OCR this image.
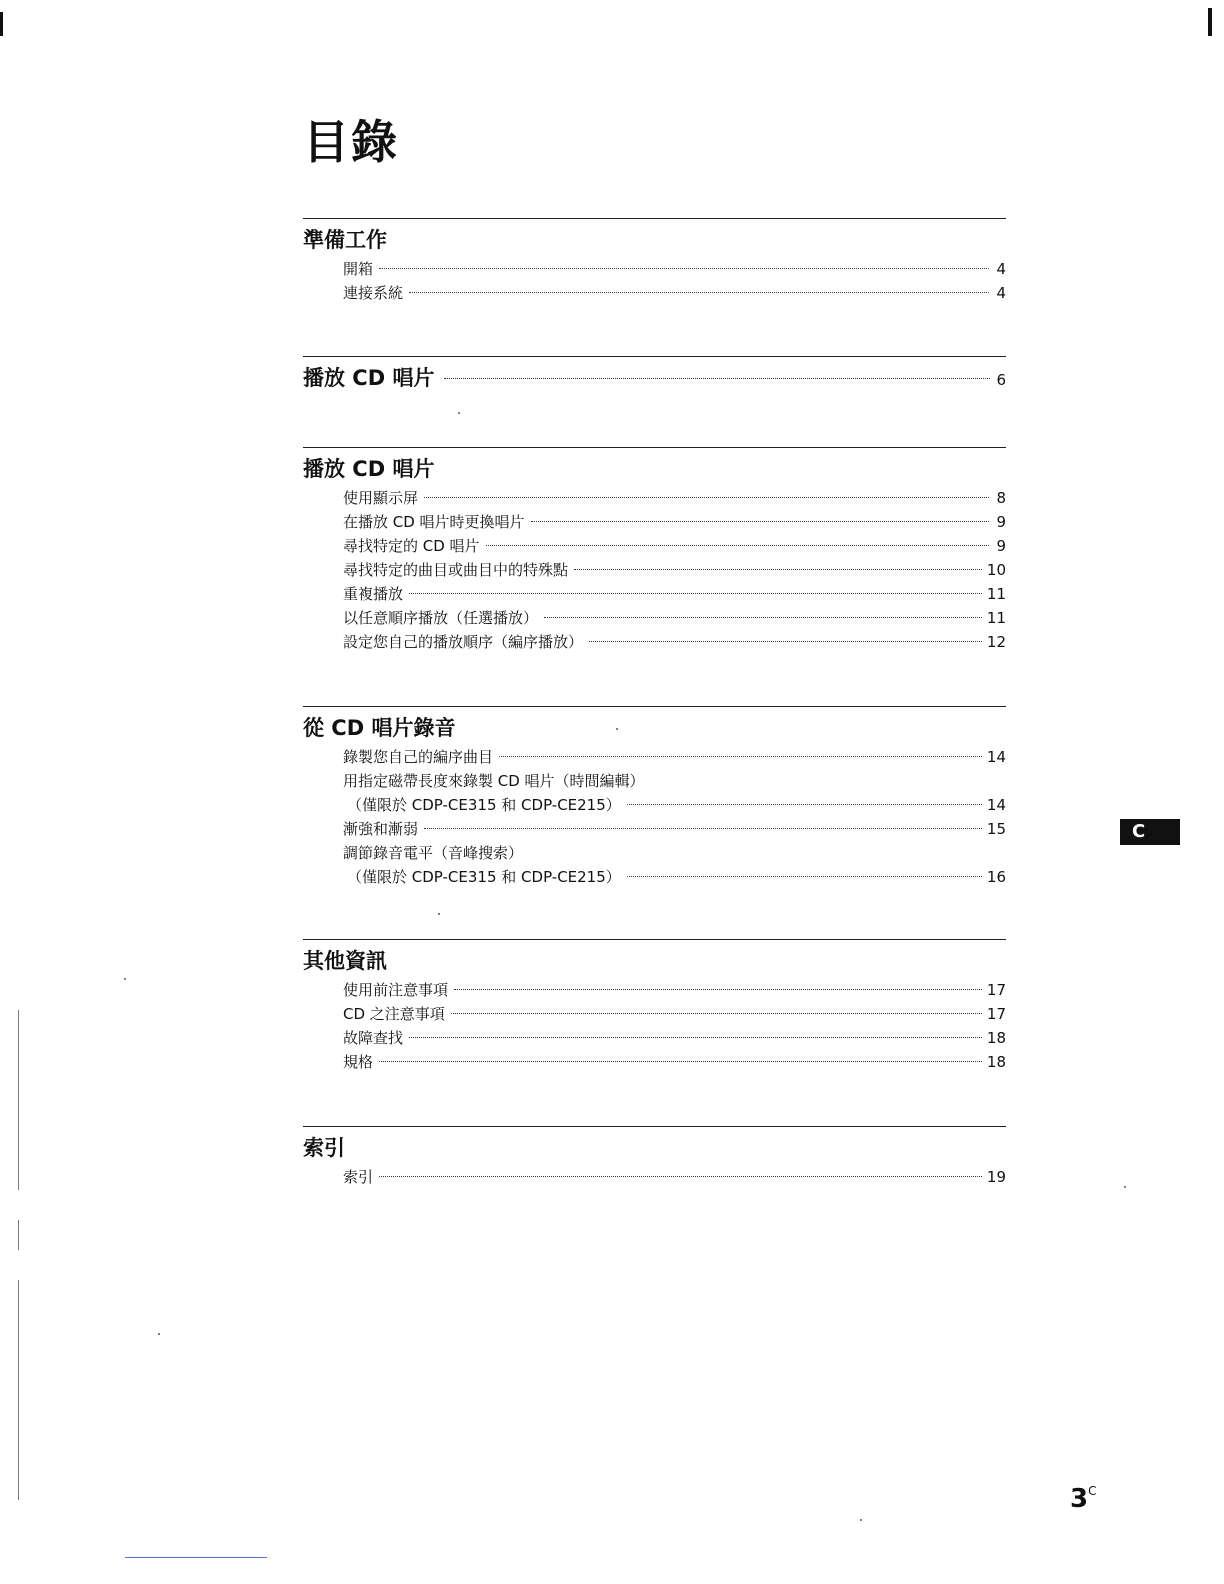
目錄
準備工作
開箱	4
連接系統	4
播放 CD 唱片	6
播放 CD 唱片
使用顯示屏	8
在播放 CD 唱片時更換唱片	9
尋找特定的 CD 唱片	9
尋找特定的曲目或曲目中的特殊點	10
重複播放	11
以任意順序播放（任選播放）	11
設定您自己的播放順序（編序播放）	12
從 CD 唱片錄音
錄製您自己的編序曲目	14
用指定磁帶長度來錄製 CD 唱片（時間編輯）
（僅限於 CDP-CE315 和 CDP-CE215）	14
漸強和漸弱	15
調節錄音電平（音峰搜索）
（僅限於 CDP-CE315 和 CDP-CE215）	16
其他資訊
使用前注意事項	17
CD 之注意事項	17
故障查找	18
規格	18
索引
索引	19
C
$3^C$
